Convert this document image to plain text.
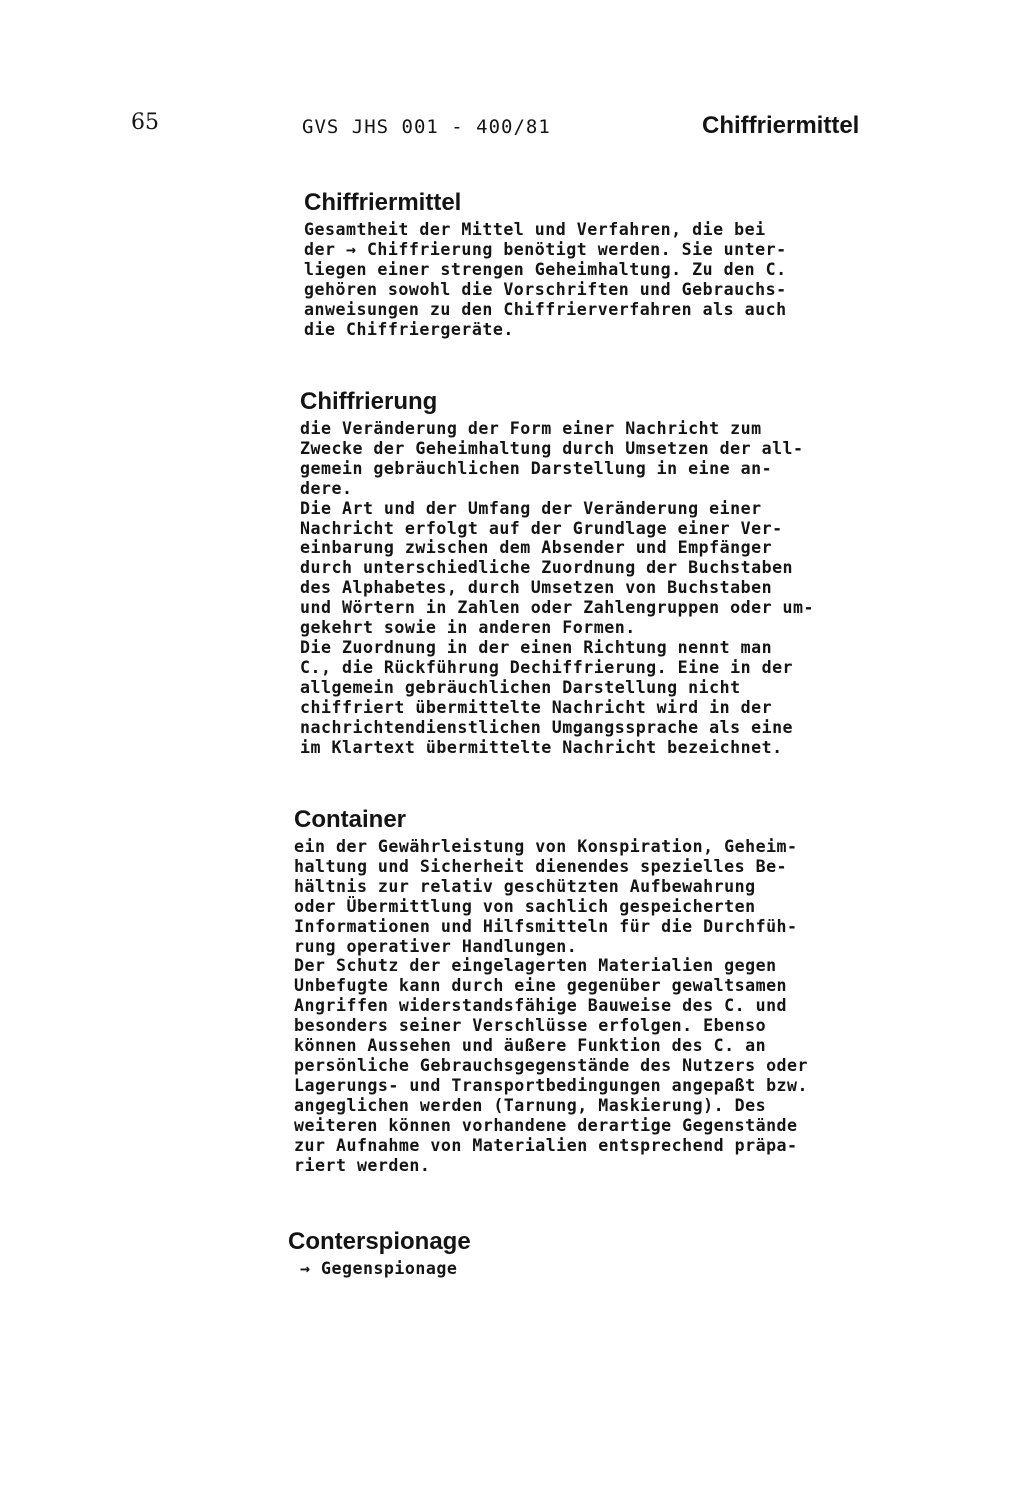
65	GVS JHS 001 - 400/81	Chiffriermittel
Chiffriermittel
Gesamtheit der Mittel und Verfahren, die bei
der → Chiffrierung benötigt werden. Sie unter-
liegen einer strengen Geheimhaltung. Zu den C.
gehören sowohl die Vorschriften und Gebrauchs-
anweisungen zu den Chiffrierverfahren als auch
die Chiffriergeräte.
Chiffrierung
die Veränderung der Form einer Nachricht zum
Zwecke der Geheimhaltung durch Umsetzen der all-
gemein gebräuchlichen Darstellung in eine an-
dere.
Die Art und der Umfang der Veränderung einer
Nachricht erfolgt auf der Grundlage einer Ver-
einbarung zwischen dem Absender und Empfänger
durch unterschiedliche Zuordnung der Buchstaben
des Alphabetes, durch Umsetzen von Buchstaben
und Wörtern in Zahlen oder Zahlengruppen oder um-
gekehrt sowie in anderen Formen.
Die Zuordnung in der einen Richtung nennt man
C., die Rückführung Dechiffrierung. Eine in der
allgemein gebräuchlichen Darstellung nicht
chiffriert übermittelte Nachricht wird in der
nachrichtendienstlichen Umgangssprache als eine
im Klartext übermittelte Nachricht bezeichnet.
Container
ein der Gewährleistung von Konspiration, Geheim-
haltung und Sicherheit dienendes spezielles Be-
hältnis zur relativ geschützten Aufbewahrung
oder Übermittlung von sachlich gespeicherten
Informationen und Hilfsmitteln für die Durchfüh-
rung operativer Handlungen.
Der Schutz der eingelagerten Materialien gegen
Unbefugte kann durch eine gegenüber gewaltsamen
Angriffen widerstandsfähige Bauweise des C. und
besonders seiner Verschlüsse erfolgen. Ebenso
können Aussehen und äußere Funktion des C. an
persönliche Gebrauchsgegenstände des Nutzers oder
Lagerungs- und Transportbedingungen angepaßt bzw.
angeglichen werden (Tarnung, Maskierung). Des
weiteren können vorhandene derartige Gegenstände
zur Aufnahme von Materialien entsprechend präpa-
riert werden.
Conterspionage
→ Gegenspionage
